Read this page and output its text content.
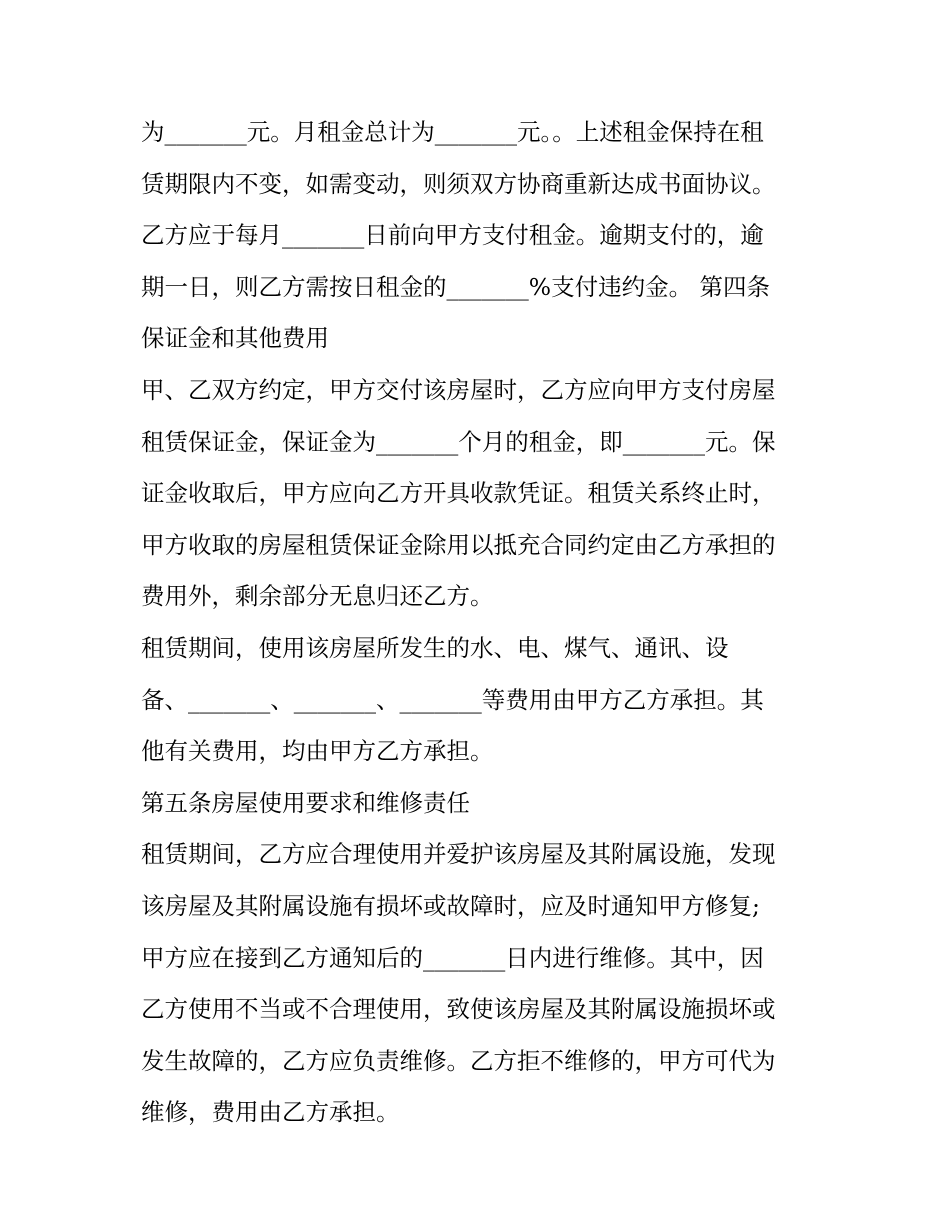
为_______元。月租金总计为_______元。。上述租金保持在租
赁期限内不变，如需变动，则须双方协商重新达成书面协议。
乙方应于每月_______日前向甲方支付租金。逾期支付的，逾
期一日，则乙方需按日租金的_______%支付违约金。 第四条
保证金和其他费用
甲、乙双方约定，甲方交付该房屋时，乙方应向甲方支付房屋
租赁保证金，保证金为_______个月的租金，即_______元。保
证金收取后，甲方应向乙方开具收款凭证。租赁关系终止时，
甲方收取的房屋租赁保证金除用以抵充合同约定由乙方承担的
费用外，剩余部分无息归还乙方。
租赁期间，使用该房屋所发生的水、电、煤气、通讯、设
备、_______、_______、_______等费用由甲方乙方承担。其
他有关费用，均由甲方乙方承担。
第五条房屋使用要求和维修责任
租赁期间，乙方应合理使用并爱护该房屋及其附属设施，发现
该房屋及其附属设施有损坏或故障时，应及时通知甲方修复;
甲方应在接到乙方通知后的_______日内进行维修。其中，因
乙方使用不当或不合理使用，致使该房屋及其附属设施损坏或
发生故障的，乙方应负责维修。乙方拒不维修的，甲方可代为
维修，费用由乙方承担。
